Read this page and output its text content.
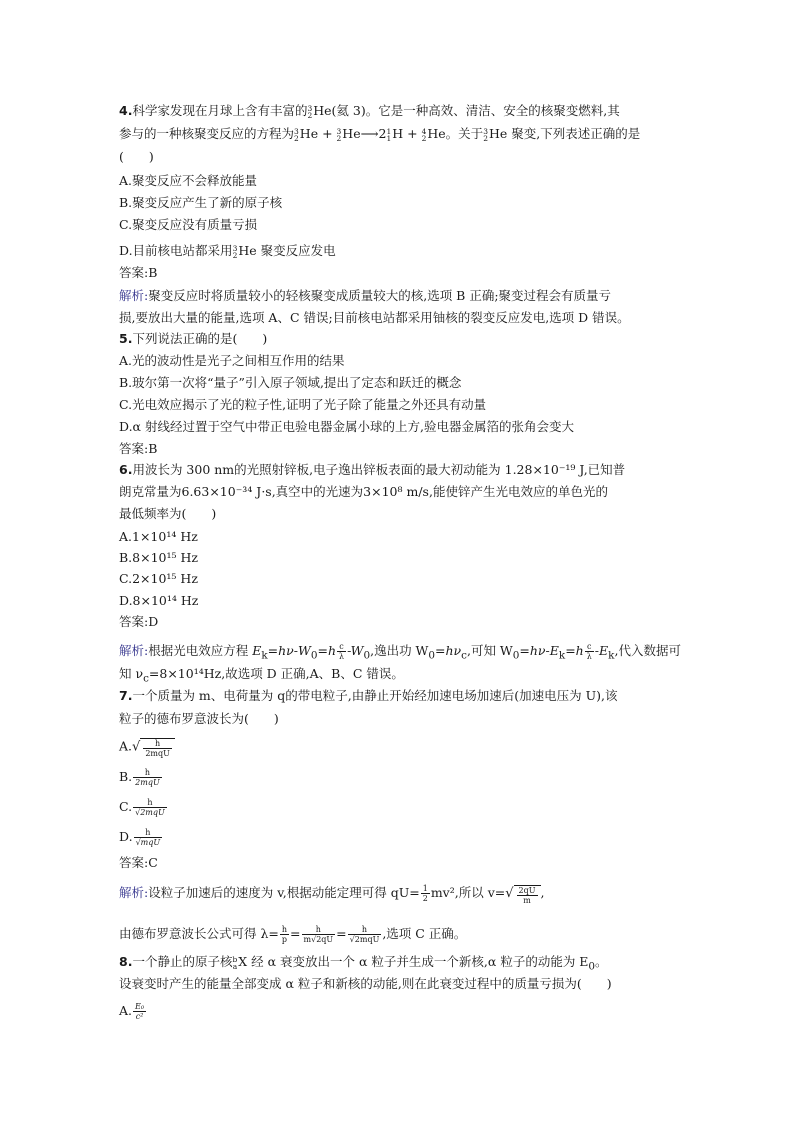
4.科学家发现在月球上含有丰富的 3
2 He(氦 3)。它是一种高效、清洁、安全的核聚变燃料,其
参与的一种核聚变反应的方程为 3
2 He + 3
2 He⟶2 1
1 H + 4
2 He。关于 3
2 He 聚变,下列表述正确的是
(　　)
A.聚变反应不会释放能量
B.聚变反应产生了新的原子核
C.聚变反应没有质量亏损
D.目前核电站都采用 3
2 He 聚变反应发电
答案:B
解析:聚变反应时将质量较小的轻核聚变成质量较大的核,选项 B 正确;聚变过程会有质量亏
损,要放出大量的能量,选项 A、C 错误;目前核电站都采用铀核的裂变反应发电,选项 D 错误。
5.下列说法正确的是(　　)
A.光的波动性是光子之间相互作用的结果
B.玻尔第一次将“量子”引入原子领域,提出了定态和跃迁的概念
C.光电效应揭示了光的粒子性,证明了光子除了能量之外还具有动量
D.α 射线经过置于空气中带正电验电器金属小球的上方,验电器金属箔的张角会变大
答案:B
6.用波长为 300 nm的光照射锌板,电子逸出锌板表面的最大初动能为 1.28×10⁻¹⁹ J,已知普
朗克常量为6.63×10⁻³⁴ J·s,真空中的光速为3×10⁸ m/s,能使锌产生光电效应的单色光的
最低频率为(　　)
A.1×10¹⁴ Hz
B.8×10¹⁵ Hz
C.2×10¹⁵ Hz
D.8×10¹⁴ Hz
答案:D
解析:根据光电效应方程 $E_k=h\nu-W_0=h \frac{c}{\lambda} -W_0$,逸出功 $W_0=h\nu_c$,可知 $W_0=h\nu-E_k=h \frac{c}{\lambda} -E_k$,代入数据可
知 $\nu_c=8\times 10^{14}Hz$,故选项 D 正确,A、B、C 错误。
7.一个质量为 m、电荷量为 q的带电粒子,由静止开始经加速电场加速后(加速电压为 U),该
粒子的德布罗意波长为(　　)
$A.√ \frac{h}{\text{2mqU}}$
B. $\frac{h}{\text{2mqU}}$
C. $\frac{h}{\text{√2mqU}}$
D. $\frac{h}{\text{√mqU}}$
答案:C
解析:设粒子加速后的速度为 v,根据动能定理可得 $qU= \frac{1}{2} mv^2$,所以 $v=√ \frac{2qU}{m}$ ,
由德布罗意波长公式可得 $\lambda= \frac{h}{p} = \frac{h}{m√2qU} = \frac{h}{\text{√2mqU}}$ ,选项 C 正确。
8.一个静止的原子核 b
a X 经 α 衰变放出一个 α 粒子并生成一个新核,α 粒子的动能为 $E_0$。
设衰变时产生的能量全部变成 α 粒子和新核的动能,则在此衰变过程中的质量亏损为(　　)
A. $\frac{\text{E₀}}{\text{c²}}$
